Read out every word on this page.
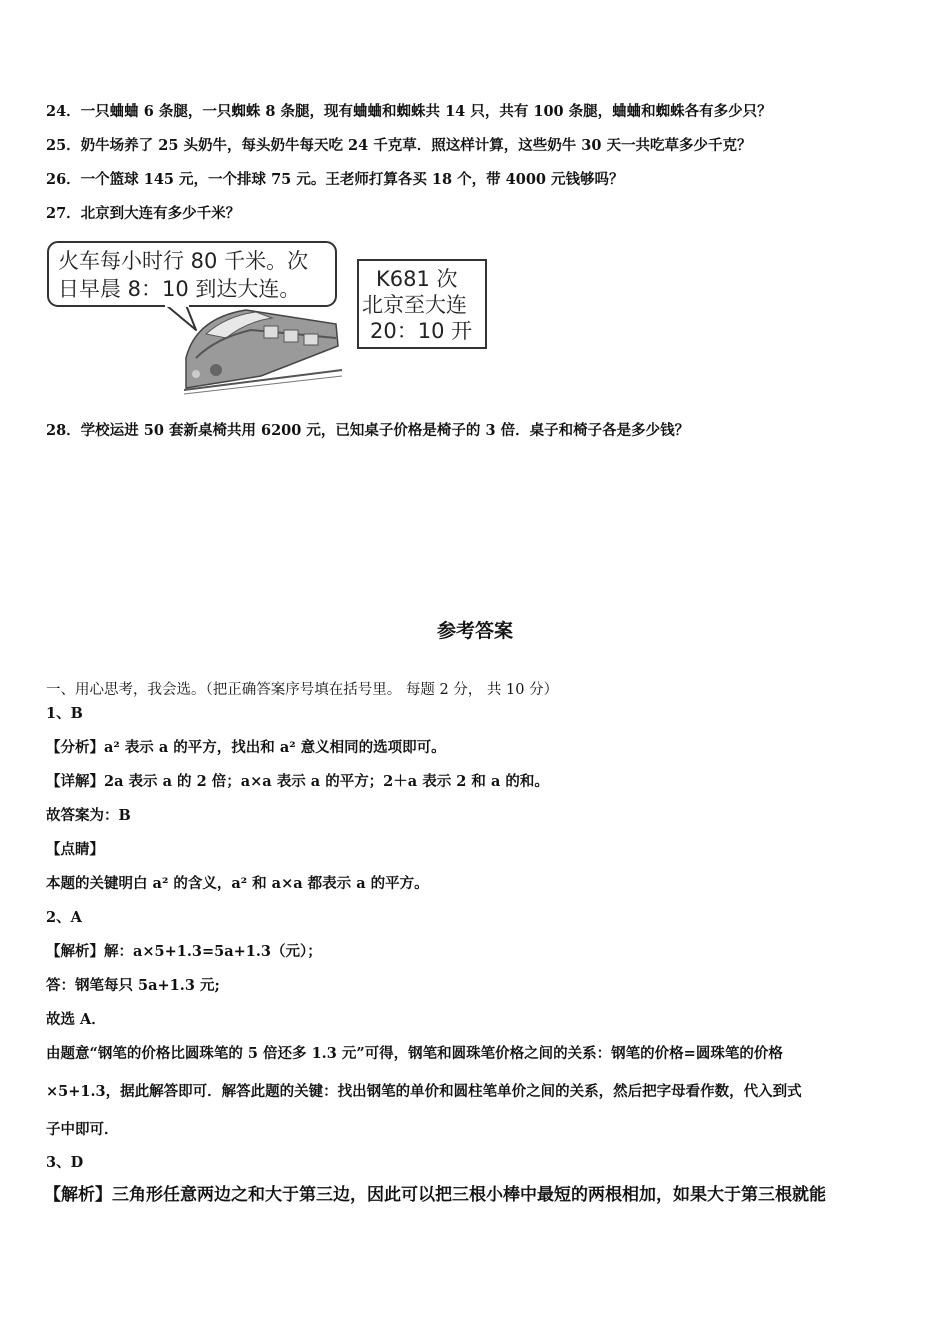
24．一只蛐蛐 6 条腿，一只蜘蛛 8 条腿，现有蛐蛐和蜘蛛共 14 只，共有 100 条腿，蛐蛐和蜘蛛各有多少只？
25．奶牛场养了 25 头奶牛，每头奶牛每天吃 24 千克草．照这样计算，这些奶牛 30 天一共吃草多少千克？
26．一个篮球 145 元，一个排球 75 元。王老师打算各买 18 个，带 4000 元钱够吗？
27．北京到大连有多少千米？
火车每小时行 80 千米。次
日早晨 8：10 到达大连。	K681 次
北京至大连
20：10 开
28．学校运进 50 套新桌椅共用 6200 元，已知桌子价格是椅子的 3 倍．桌子和椅子各是多少钱？
参考答案
一、用心思考，我会选。（把正确答案序号填在括号里。 每题 2 分， 共 10 分）
1、B
【分析】a² 表示 a 的平方，找出和 a² 意义相同的选项即可。
【详解】2a 表示 a 的 2 倍；a×a 表示 a 的平方；2＋a 表示 2 和 a 的和。
故答案为：B
【点睛】
本题的关键明白 a² 的含义，a² 和 a×a 都表示 a 的平方。
2、A
【解析】解：a×5+1.3=5a+1.3（元）；
答：钢笔每只 5a+1.3 元;
故选 A．
由题意“钢笔的价格比圆珠笔的 5 倍还多 1.3 元”可得，钢笔和圆珠笔价格之间的关系：钢笔的价格=圆珠笔的价格
×5+1.3，据此解答即可．解答此题的关键：找出钢笔的单价和圆柱笔单价之间的关系，然后把字母看作数，代入到式
子中即可．
3、D
【解析】三角形任意两边之和大于第三边，因此可以把三根小棒中最短的两根相加，如果大于第三根就能
